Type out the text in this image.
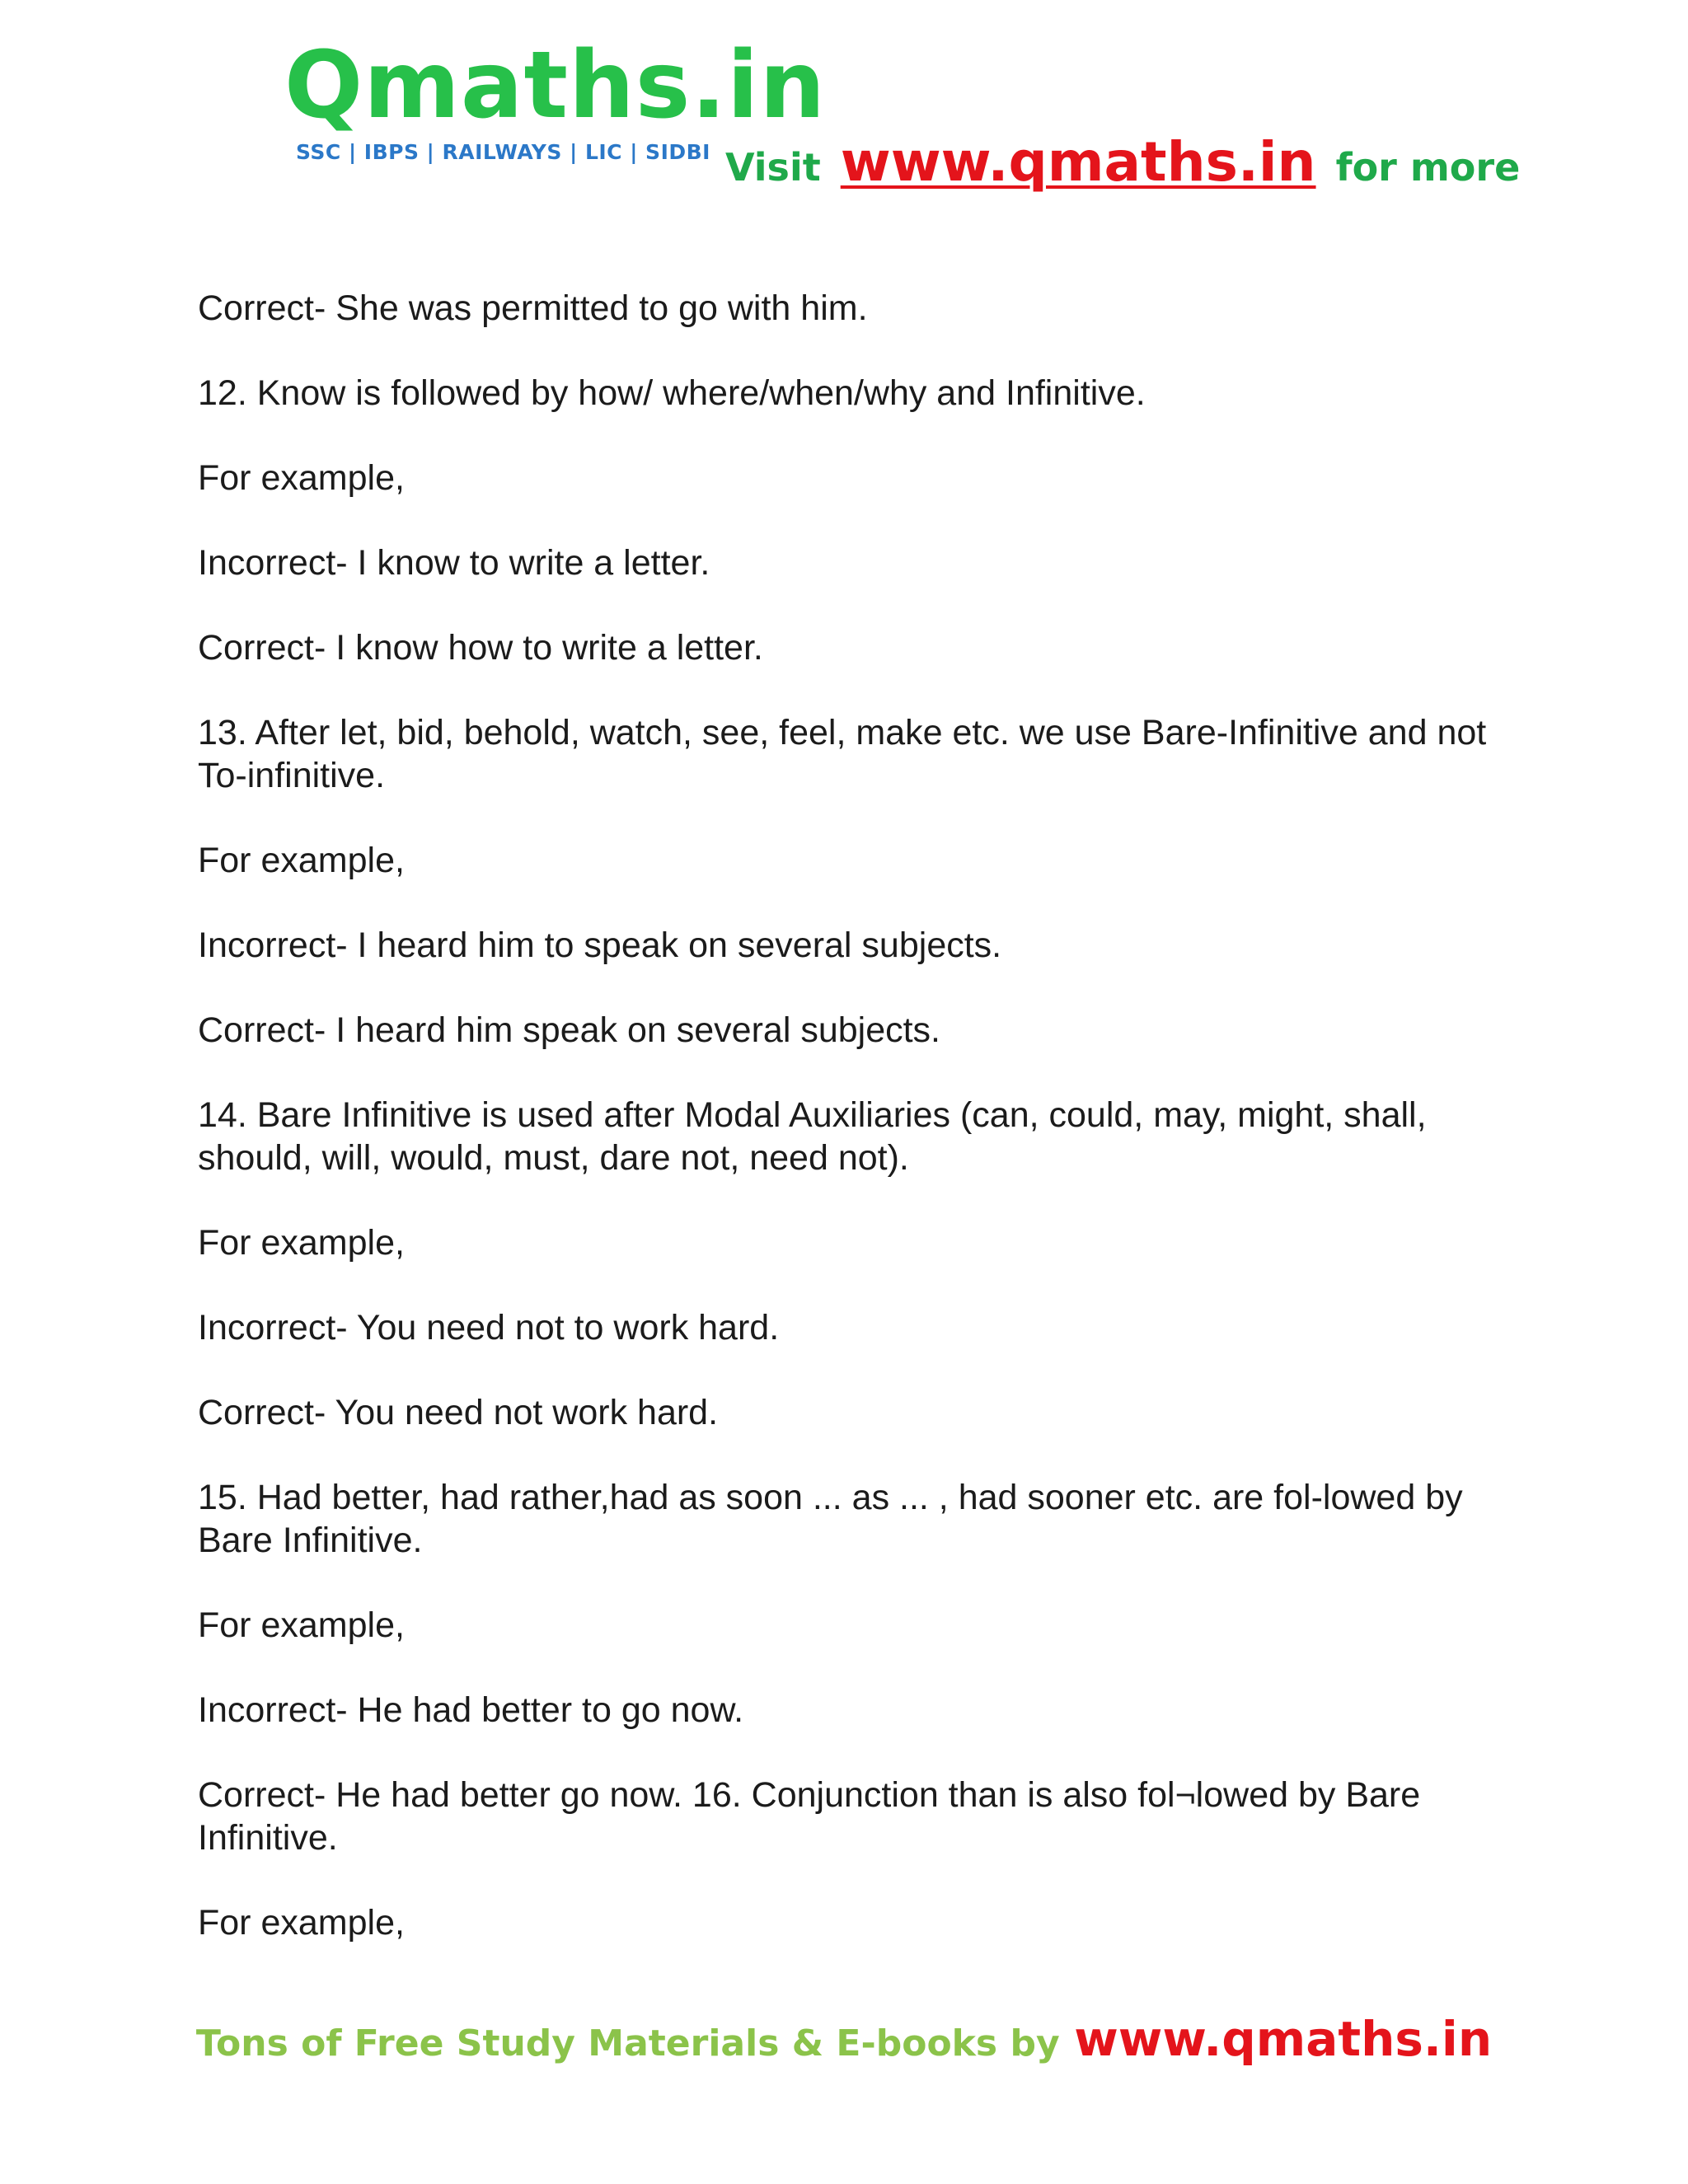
Qmaths.in
SSC | IBPS | RAILWAYS | LIC | SIDBI Visit www.qmaths.in for more

Correct- She was permitted to go with him.

12. Know is followed by how/ where/when/why and Infinitive.

For example,

Incorrect- I know to write a letter.

Correct- I know how to write a letter.

13. After let, bid, behold, watch, see, feel, make etc. we use Bare-Infinitive and not To-infinitive.

For example,

Incorrect- I heard him to speak on several subjects.

Correct- I heard him speak on several subjects.

14. Bare Infinitive is used after Modal Auxiliaries (can, could, may, might, shall, should, will, would, must, dare not, need not).

For example,

Incorrect- You need not to work hard.

Correct- You need not work hard.

15. Had better, had rather,had as soon ... as ... , had sooner etc. are fol-lowed by Bare Infinitive.

For example,

Incorrect- He had better to go now.

Correct- He had better go now. 16. Conjunction than is also fol¬lowed by Bare Infinitive.

For example,

Tons of Free Study Materials & E-books by www.qmaths.in
